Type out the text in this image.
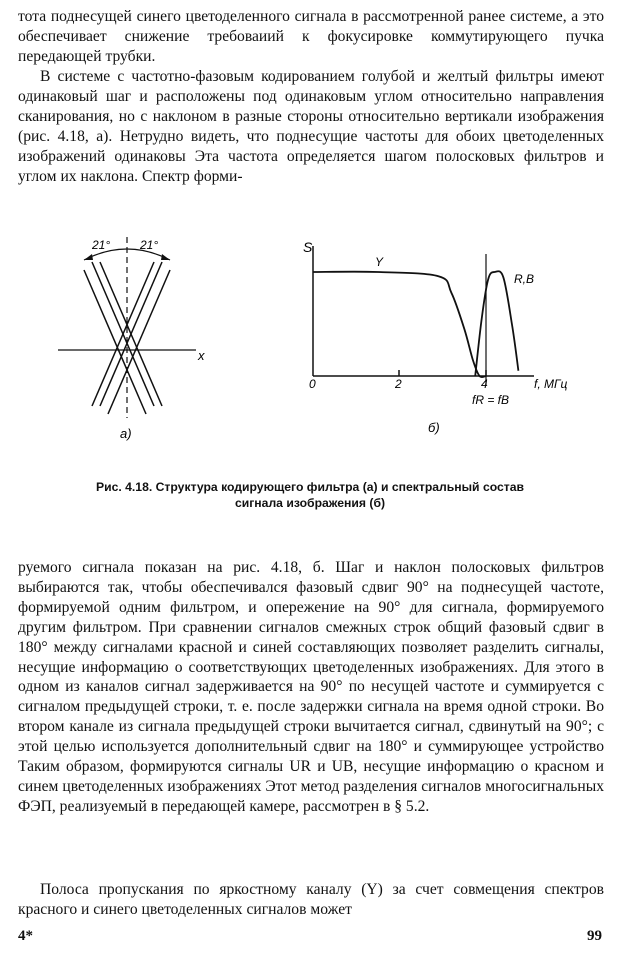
тота поднесущей синего цветоделенного сигнала в рассмотренной ранее системе, а это обеспечивает снижение требоваиий к фокусировке коммутирующего пучка передающей трубки.
В системе с частотно-фазовым кодированием голубой и желтый фильтры имеют одинаковый шаг и расположены под одинаковым углом относительно направления сканирования, но с наклоном в разные стороны относительно вертикали изображения (рис. 4.18, а). Нетрудно видеть, что поднесущие частоты для обоих цветоделенных изображений одинаковы Эта частота определяется шагом полосковых фильтров и углом их наклона. Спектр форми-
21° 21°
x
а)
S
Y
R,B
0	2	4
fR = fB
f, МГц
б)
Рис. 4.18. Структура кодирующего фильтра (а) и спектральный состав
сигнала изображения (б)
руемого сигнала показан на рис. 4.18, б. Шаг и наклон полосковых фильтров выбираются так, чтобы обеспечивался фазовый сдвиг 90° на поднесущей частоте, формируемой одним фильтром, и опережение на 90° для сигнала, формируемого другим фильтром. При сравнении сигналов смежных строк общий фазовый сдвиг в 180° между сигналами красной и синей составляющих позволяет разделить сигналы, несущие информацию о соответствующих цветоделенных изображениях. Для этого в одном из каналов сигнал задерживается на 90° по несущей частоте и суммируется с сигналом предыдущей строки, т. е. после задержки сигнала на время одной строки. Во втором канале из сигнала предыдущей строки вычитается сигнал, сдвинутый на 90°; с этой целью используется дополнительный сдвиг на 180° и суммирующее устройство Таким образом, формируются сигналы UR и UB, несущие информацию о красном и синем цветоделенных изображениях Этот метод разделения сигналов многосигнальных ФЭП, реализуемый в передающей камере, рассмотрен в § 5.2.
Полоса пропускания по яркостному каналу (Y) за счет совмещения спектров красного и синего цветоделенных сигналов может
4*	99
